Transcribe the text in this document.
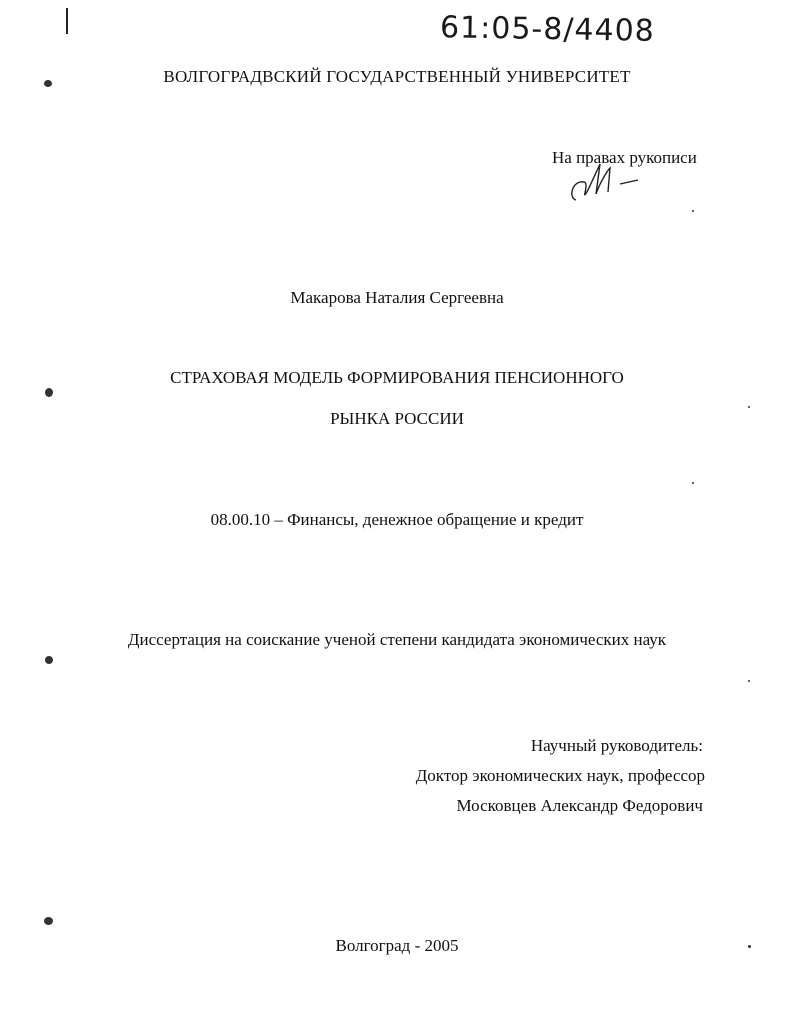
61:05-8/4408
ВОЛГОГРАДВСКИЙ ГОСУДАРСТВЕННЫЙ УНИВЕРСИТЕТ
На правах рукописи
Макарова Наталия Сергеевна
СТРАХОВАЯ МОДЕЛЬ ФОРМИРОВАНИЯ ПЕНСИОННОГО
РЫНКА РОССИИ
08.00.10 – Финансы, денежное обращение и кредит
Диссертация на соискание ученой степени кандидата экономических наук
Научный руководитель:
Доктор экономических наук, профессор
Московцев Александр Федорович
Волгоград - 2005
